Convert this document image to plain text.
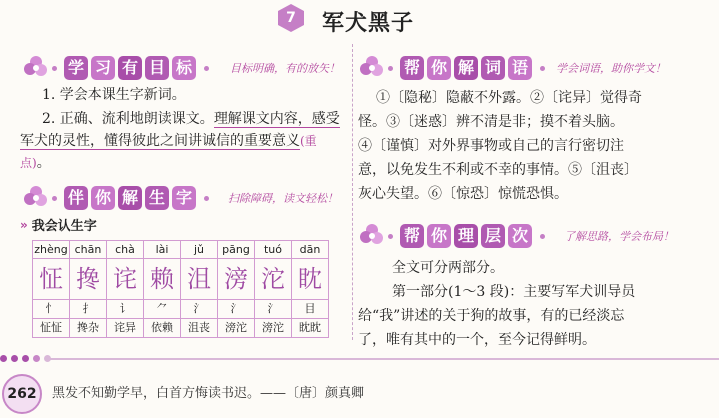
7	军犬黑子
学 习 有 目 标	目标明确，有的放矢！
1. 学会本课生字新词。
2. 正确、流利地朗读课文。理解课文内容，感受军犬的灵性，懂得彼此之间讲诚信的重要意义(重点)。
伴 你 解 生 字	扫除障碍，读文轻松！
» 我会认生字
zhèng	chān	chà	lài	jǔ	pāng	tuó	dān
怔	搀	诧	赖	沮	滂	沱	眈
忄	扌	讠	⺈	氵	氵	氵	目
怔怔	搀杂	诧异	依赖	沮丧	滂沱	滂沱	眈眈
帮 你 解 词 语	学会词语，助你学文！
①〔隐秘〕隐蔽不外露。②〔诧异〕觉得奇
怪。③〔迷惑〕辨不清是非；摸不着头脑。
④〔谨慎〕对外界事物或自己的言行密切注
意，以免发生不利或不幸的事情。⑤〔沮丧〕
灰心失望。⑥〔惊恐〕惊慌恐惧。
帮 你 理 层 次	了解思路，学会布局！
全文可分两部分。
第一部分(1～3 段)：主要写军犬训导员
给“我”讲述的关于狗的故事，有的已经淡忘
了，唯有其中的一个，至今记得鲜明。
262	黑发不知勤学早，白首方悔读书迟。——〔唐〕颜真卿
